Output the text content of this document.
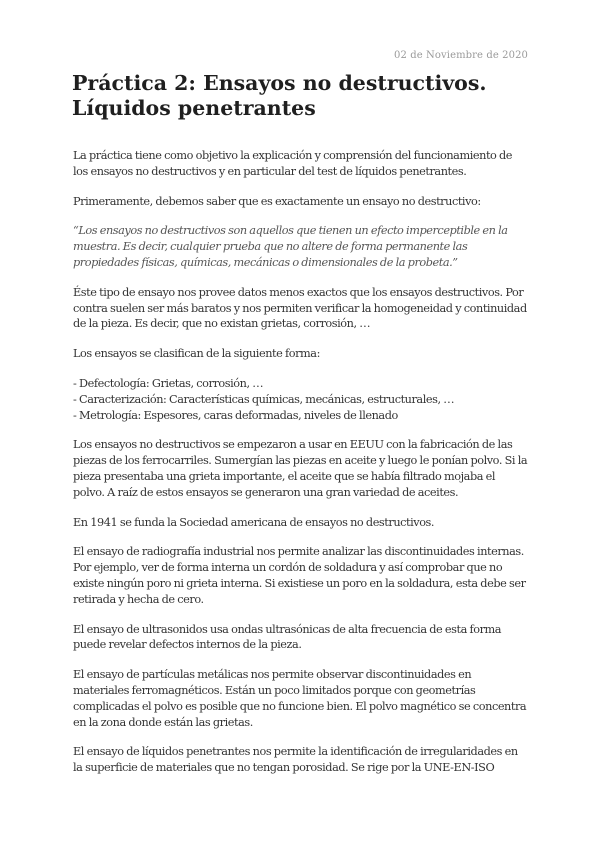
02 de Noviembre de 2020
Práctica 2: Ensayos no destructivos. Líquidos penetrantes

La práctica tiene como objetivo la explicación y comprensión del funcionamiento de los ensayos no destructivos y en particular del test de líquidos penetrantes.

Primeramente, debemos saber que es exactamente un ensayo no destructivo:

“Los ensayos no destructivos son aquellos que tienen un efecto imperceptible en la muestra. Es decir, cualquier prueba que no altere de forma permanente las propiedades físicas, químicas, mecánicas o dimensionales de la probeta.”

Éste tipo de ensayo nos provee datos menos exactos que los ensayos destructivos. Por contra suelen ser más baratos y nos permiten verificar la homogeneidad y continuidad de la pieza. Es decir, que no existan grietas, corrosión, …

Los ensayos se clasifican de la siguiente forma:

- Defectología: Grietas, corrosión, …
- Caracterización: Características químicas, mecánicas, estructurales, …
- Metrología: Espesores, caras deformadas, niveles de llenado

Los ensayos no destructivos se empezaron a usar en EEUU con la fabricación de las piezas de los ferrocarriles. Sumergían las piezas en aceite y luego le ponían polvo. Si la pieza presentaba una grieta importante, el aceite que se había filtrado mojaba el polvo. A raíz de estos ensayos se generaron una gran variedad de aceites.

En 1941 se funda la Sociedad americana de ensayos no destructivos.

El ensayo de radiografía industrial nos permite analizar las discontinuidades internas. Por ejemplo, ver de forma interna un cordón de soldadura y así comprobar que no existe ningún poro ni grieta interna. Si existiese un poro en la soldadura, esta debe ser retirada y hecha de cero.

El ensayo de ultrasonidos usa ondas ultrasónicas de alta frecuencia de esta forma puede revelar defectos internos de la pieza.

El ensayo de partículas metálicas nos permite observar discontinuidades en materiales ferromagnéticos. Están un poco limitados porque con geometrías complicadas el polvo es posible que no funcione bien. El polvo magnético se concentra en la zona donde están las grietas.

El ensayo de líquidos penetrantes nos permite la identificación de irregularidades en la superficie de materiales que no tengan porosidad. Se rige por la UNE-EN-ISO
